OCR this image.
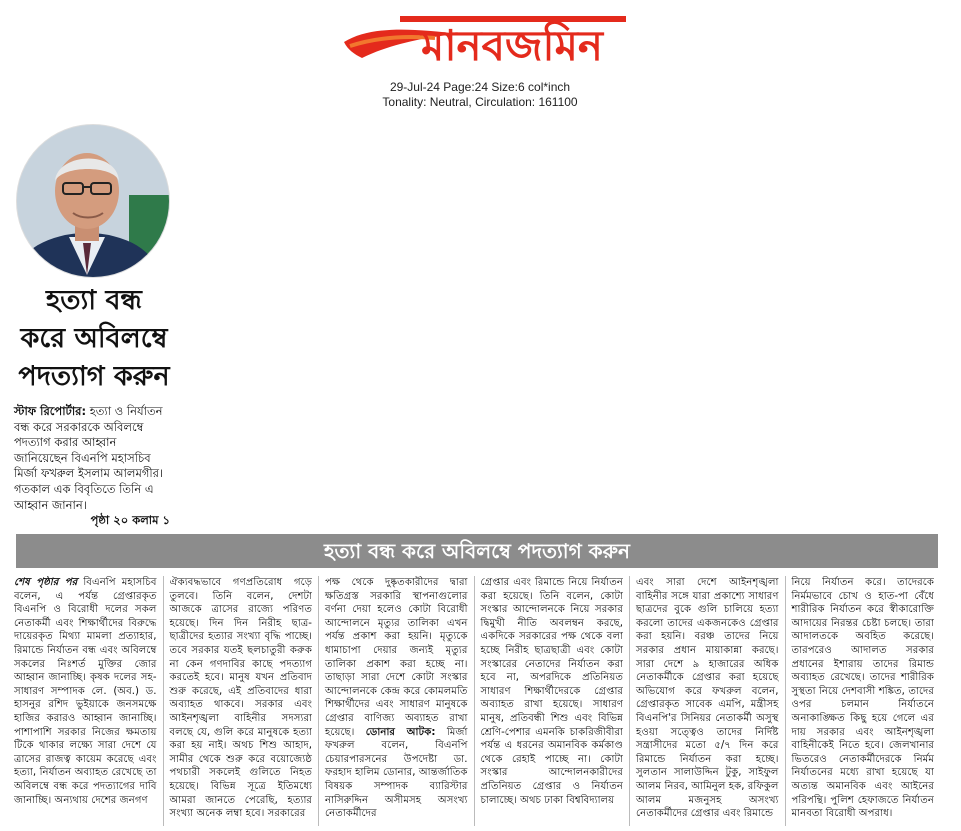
মানবজমিন
29-Jul-24 Page:24 Size:6 col*inch
Tonality: Neutral, Circulation: 161100
হত্যা বন্ধ
করে অবিলম্বে
পদত্যাগ করুন
স্টাফ রিপোর্টার: হত্যা ও নির্যাতন বন্ধ করে সরকারকে অবিলম্বে পদত্যাগ করার আহ্বান জানিয়েছেন বিএনপি মহাসচিব মির্জা ফখরুল ইসলাম আলমগীর। গতকাল এক বিবৃতিতে তিনি এ আহ্বান জানান।
পৃষ্ঠা ২০ কলাম ১
হত্যা বন্ধ করে অবিলম্বে পদত্যাগ করুন

শেষ পৃষ্ঠার পর বিএনপি মহাসচিব বলেন, এ পর্যন্ত গ্রেপ্তারকৃত বিএনপি ও বিরোধী দলের সকল নেতাকর্মী এবং শিক্ষার্থীদের বিরুদ্ধে দায়েরকৃত মিথ্যা মামলা প্রত্যাহার, রিমান্ডে নির্যাতন বন্ধ এবং অবিলম্বে সকলের নিঃশর্ত মুক্তির জোর আহ্বান জানাচ্ছি। কৃষক দলের সহ-সাধারণ সম্পাদক লে. (অব.) ড. হাসনুর রশিদ ভুইয়াকে জনসমক্ষে হাজির করারও আহ্বান জানাচ্ছি। পাশাপাশি সরকার নিজের ক্ষমতায় টিকে থাকার লক্ষ্যে সারা দেশে যে ত্রাসের রাজত্ব কায়েম করেছে এবং হত্যা, নির্যাতন অব্যাহত রেখেছে তা অবিলম্বে বন্ধ করে পদত্যাগের দাবি জানাচ্ছি। অন্যথায় দেশের জনগণ

ঐক্যবদ্ধভাবে গণপ্রতিরোধ গড়ে তুলবে। তিনি বলেন, দেশটা আজকে ত্রাসের রাজ্যে পরিণত হয়েছে। দিন দিন নিরীহ ছাত্র-ছাত্রীদের হত্যার সংখ্যা বৃদ্ধি পাচ্ছে। তবে সরকার যতই ছলচাতুরী করুক না কেন গণদাবির কাছে পদত্যাগ করতেই হবে। মানুষ যখন প্রতিবাদ শুরু করেছে, এই প্রতিবাদের ধারা অব্যাহত থাকবে। সরকার এবং আইনশৃঙ্খলা বাহিনীর সদস্যরা বলছে যে, গুলি করে মানুষকে হত্যা করা হয় নাই। অথচ শিশু আহাদ, সামীর থেকে শুরু করে বয়োজ্যেষ্ঠ পথচারী সকলেই গুলিতে নিহত হয়েছে। বিভিন্ন সূত্রে ইতিমধ্যে আমরা জানতে পেরেছি, হত্যার সংখ্যা অনেক লম্বা হবে। সরকারের

পক্ষ থেকে দুষ্কৃতকারীদের দ্বারা ক্ষতিগ্রস্ত সরকারি স্থাপনাগুলোর বর্ণনা দেয়া হলেও কোটা বিরোধী আন্দোলনে মৃত্যুর তালিকা এখন পর্যন্ত প্রকাশ করা হয়নি। মৃত্যুকে ধামাচাপা দেয়ার জন্যই মৃত্যুর তালিকা প্রকাশ করা হচ্ছে না। তাছাড়া সারা দেশে কোটা সংস্কার আন্দোলনকে কেন্দ্র করে কোমলমতি শিক্ষার্থীদের এবং সাধারণ মানুষকে গ্রেপ্তার বাণিজ্য অব্যাহত রাখা হয়েছে। ডোনার আটক: মির্জা ফখরুল বলেন, বিএনপি চেয়ারপারসনের উপদেষ্টা ডা. ফরহাদ হালিম ডোনার, আন্তর্জাতিক বিষয়ক সম্পাদক ব্যারিস্টার নাসিরুদ্দিন অসীমসহ অসংখ্য নেতাকর্মীদের

গ্রেপ্তার এবং রিমান্ডে নিয়ে নির্যাতন করা হয়েছে। তিনি বলেন, কোটা সংস্কার আন্দোলনকে নিয়ে সরকার দ্বিমুখী নীতি অবলম্বন করছে, একদিকে সরকারের পক্ষ থেকে বলা হচ্ছে নিরীহ ছাত্রছাত্রী এবং কোটা সংস্কারের নেতাদের নির্যাতন করা হবে না, অপরদিকে প্রতিনিয়ত সাধারণ শিক্ষার্থীদেরকে গ্রেপ্তার অব্যাহত রাখা হয়েছে। সাধারণ মানুষ, প্রতিবন্ধী শিশু এবং বিভিন্ন শ্রেণি-পেশার এমনকি চাকরিজীবীরা পর্যন্ত এ ধরনের অমানবিক কর্মকাণ্ড থেকে রেহাই পাচ্ছে না। কোটা সংস্কার আন্দোলনকারীদের প্রতিনিয়ত গ্রেপ্তার ও নির্যাতন চালাচ্ছে। অথচ ঢাকা বিশ্ববিদ্যালয়

এবং সারা দেশে আইনশৃঙ্খলা বাহিনীর সঙ্গে যারা প্রকাশ্যে সাধারণ ছাত্রদের বুকে গুলি চালিয়ে হত্যা করলো তাদের একজনকেও গ্রেপ্তার করা হয়নি। বরঞ্চ তাদের নিয়ে সরকার প্রধান মায়াকান্না করছে। সারা দেশে ৯ হাজারের অধিক নেতাকর্মীকে গ্রেপ্তার করা হয়েছে অভিযোগ করে ফখরুল বলেন, গ্রেপ্তারকৃত সাবেক এমপি, মন্ত্রীসহ বিএনপি'র সিনিয়র নেতাকর্মী অসুস্থ হওয়া সত্ত্বেও তাদের নির্দিষ্ট সন্ত্রাসীদের মতো ৫/৭ দিন করে রিমান্ডে নির্যাতন করা হচ্ছে। সুলতান সালাউদ্দিন টুকু, সাইফুল আলম নিরব, আমিনুল হক, রফিকুল আলম মজনুসহ অসংখ্য নেতাকর্মীদের গ্রেপ্তার এবং রিমান্ডে

নিয়ে নির্যাতন করে। তাদেরকে নির্মমভাবে চোখ ও হাত-পা বেঁধে শারীরিক নির্যাতন করে স্বীকারোক্তি আদায়ের নিরন্তর চেষ্টা চলছে। তারা আদালতকে অবহিত করেছে। তারপরেও আদালত সরকার প্রধানের ইশারায় তাদের রিমান্ড অব্যাহত রেখেছে। তাদের শারীরিক সুস্থতা নিয়ে দেশবাসী শঙ্কিত, তাদের ওপর চলমান নির্যাতনে অনাকাঙ্ক্ষিত কিছু হয়ে গেলে এর দায় সরকার এবং আইনশৃঙ্খলা বাহিনীকেই নিতে হবে। জেলখানার ভিতরেও নেতাকর্মীদেরকে নির্মম নির্যাতনের মধ্যে রাখা হয়েছে যা অত্যন্ত অমানবিক এবং আইনের পরিপন্থি। পুলিশ হেফাজতে নির্যাতন মানবতা বিরোধী অপরাধ।
